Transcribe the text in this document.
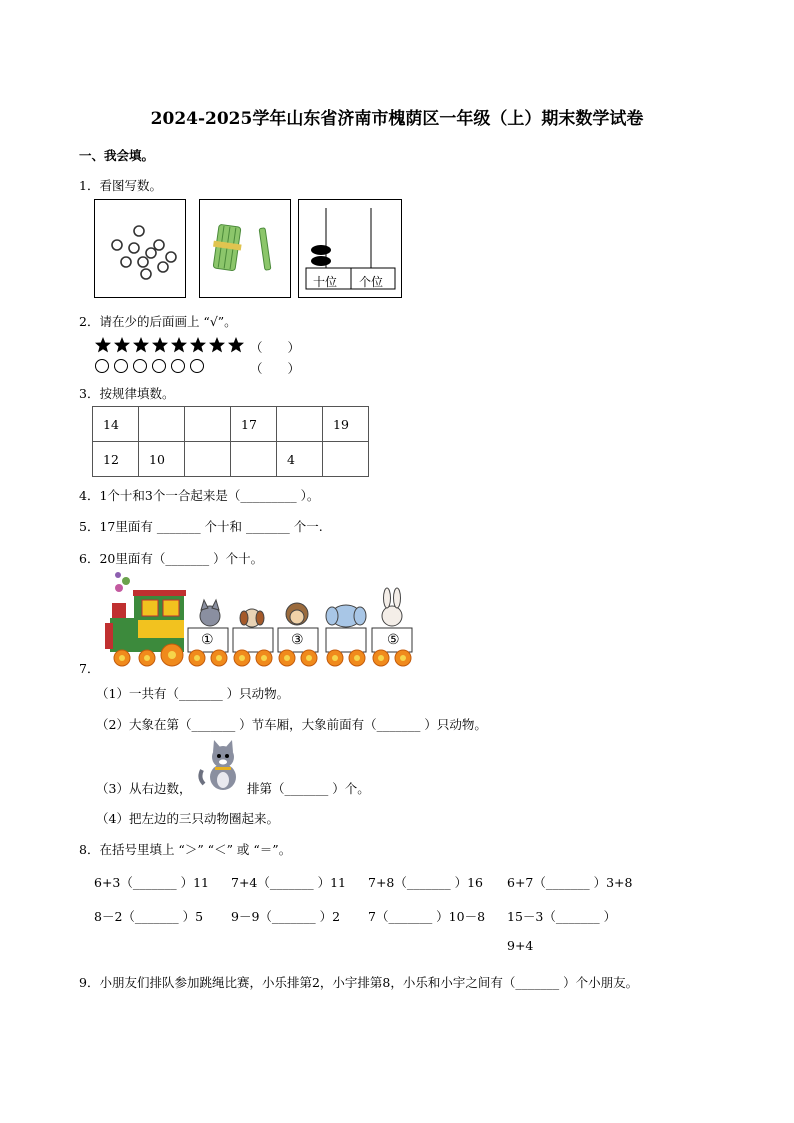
2024-2025学年山东省济南市槐荫区一年级（上）期末数学试卷
一、我会填。
1．看图写数。
十位 个位
2．请在少的后面画上 “√”。
（　　）
（　　）
3．按规律填数。
14			17		19
12	10			4	
4．1个十和3个一合起来是（_________ ）。
5．17里面有 _______ 个十和 _______ 个一.
6．20里面有（_______ ）个十。
7．
①	③	⑤
（1）一共有（_______ ）只动物。
（2）大象在第（_______ ）节车厢，大象前面有（_______ ）只动物。
（3）从右边数，	排第（_______ ）个。
（4）把左边的三只动物圈起来。
8．在括号里填上 “＞” “＜” 或 “＝”。
6+3（_______ ）11 7+4（_______ ）11 7+8（_______ ）16 6+7（_______ ）3+8
8－2（_______ ）5 9－9（_______ ）2 7（_______ ）10－8 15－3（_______ ）
9+4
9．小朋友们排队参加跳绳比赛，小乐排第2，小宇排第8，小乐和小宇之间有（_______ ）个小朋友。
